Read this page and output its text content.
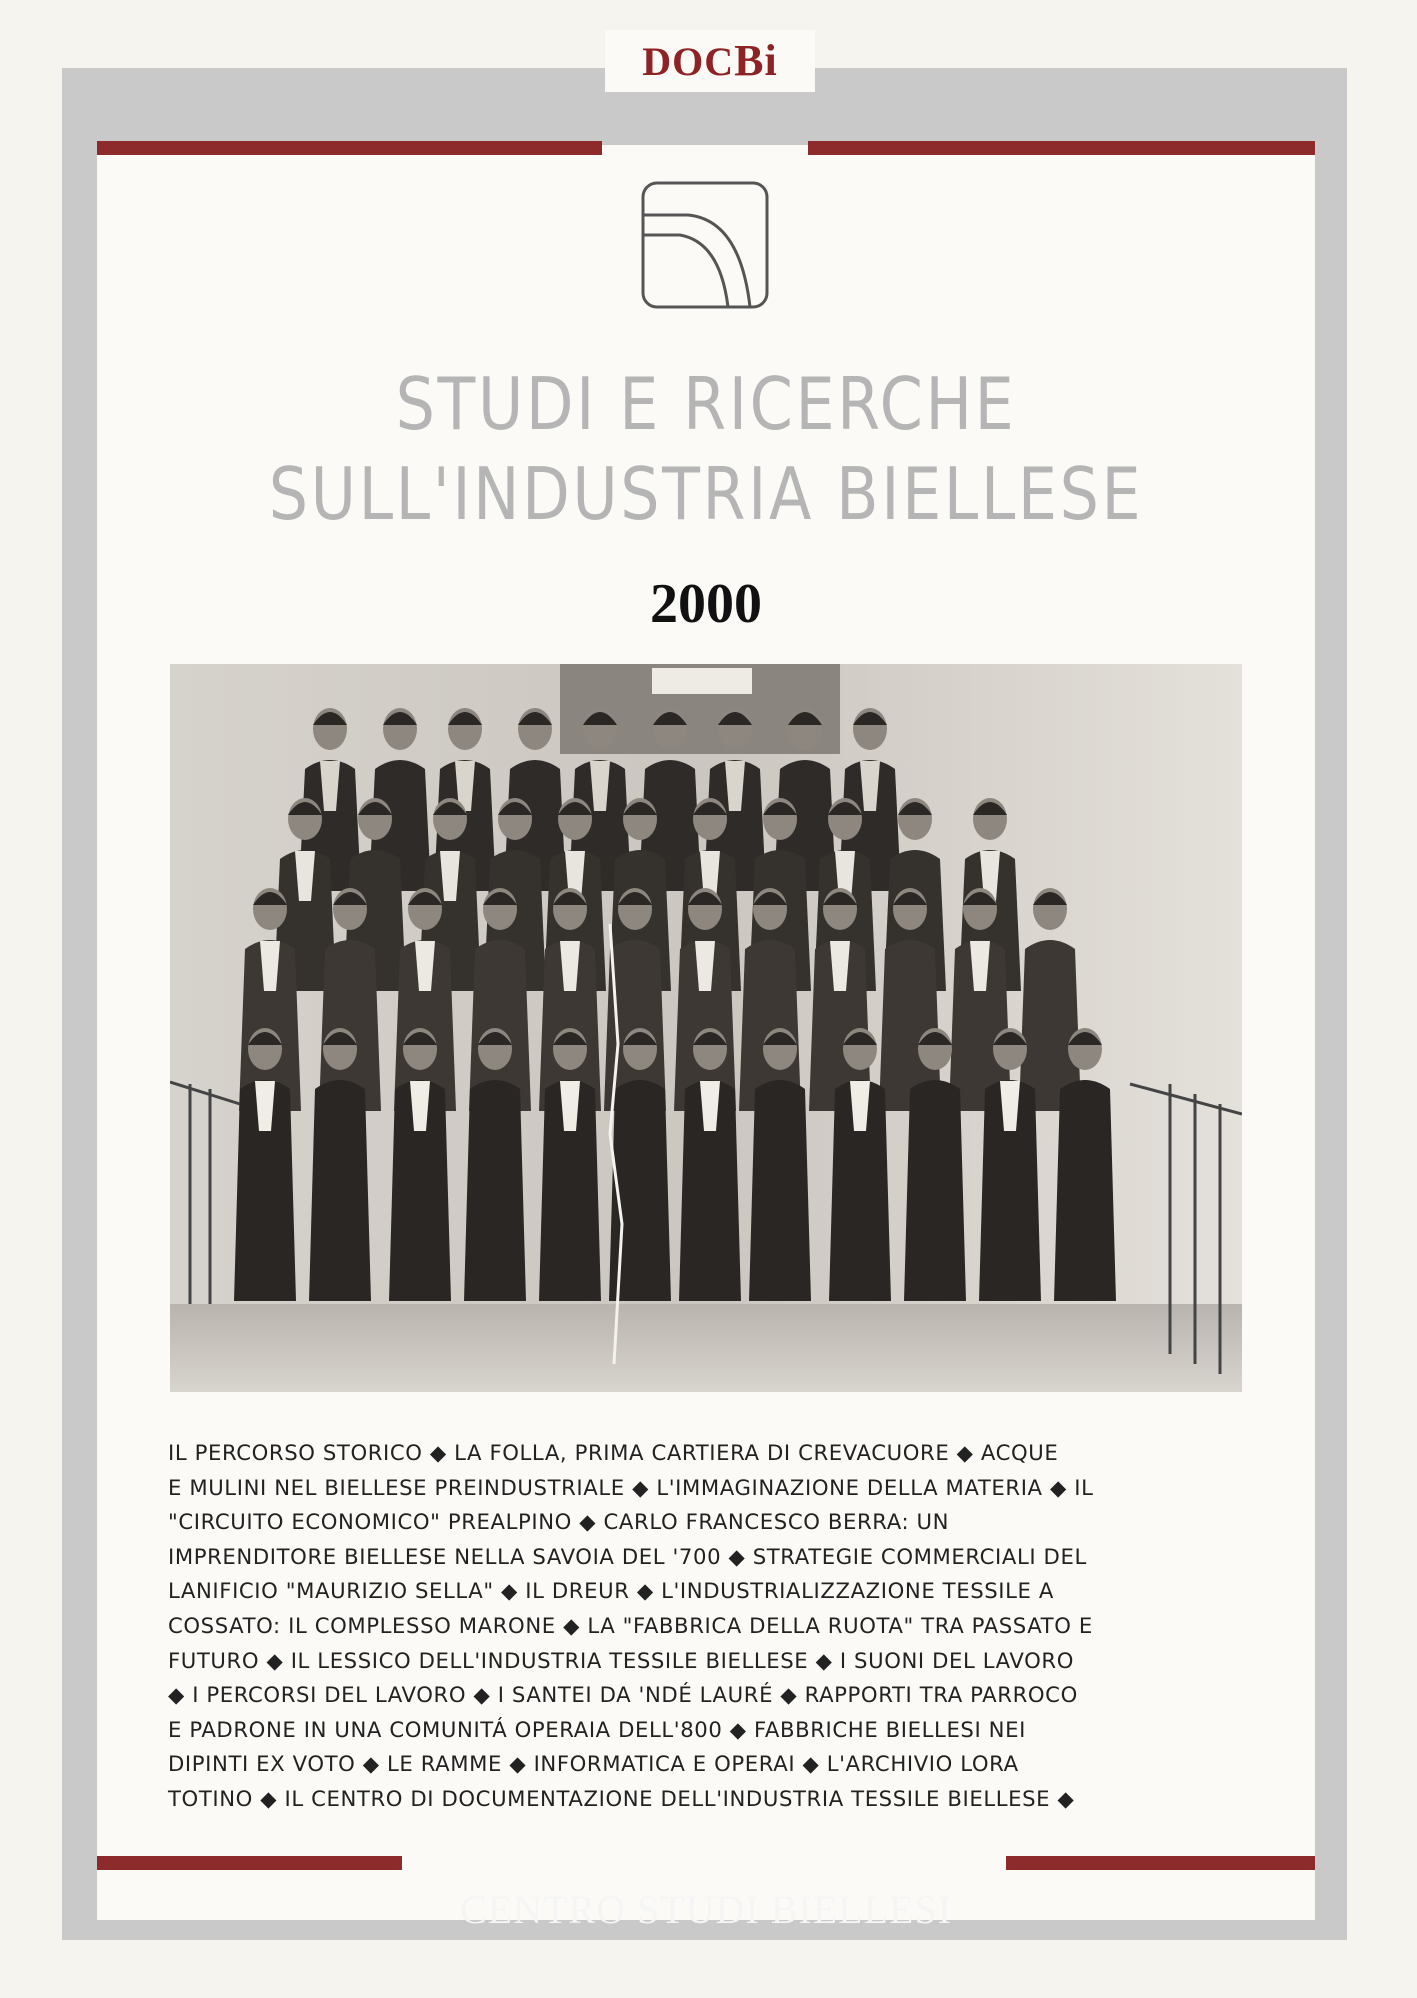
DOCBi
STUDI E RICERCHE
SULL'INDUSTRIA BIELLESE
2000
IL PERCORSO STORICO ◆ LA FOLLA, PRIMA CARTIERA DI CREVACUORE ◆ ACQUE
E MULINI NEL BIELLESE PREINDUSTRIALE ◆ L'IMMAGINAZIONE DELLA MATERIA ◆ IL
"CIRCUITO ECONOMICO" PREALPINO ◆ CARLO FRANCESCO BERRA: UN
IMPRENDITORE BIELLESE NELLA SAVOIA DEL '700 ◆ STRATEGIE COMMERCIALI DEL
LANIFICIO "MAURIZIO SELLA" ◆ IL DREUR ◆ L'INDUSTRIALIZZAZIONE TESSILE A
COSSATO: IL COMPLESSO MARONE ◆ LA "FABBRICA DELLA RUOTA" TRA PASSATO E
FUTURO ◆ IL LESSICO DELL'INDUSTRIA TESSILE BIELLESE ◆ I SUONI DEL LAVORO
◆ I PERCORSI DEL LAVORO ◆ I SANTEI DA 'NDÉ LAURÉ ◆ RAPPORTI TRA PARROCO
E PADRONE IN UNA COMUNITÁ OPERAIA DELL'800 ◆ FABBRICHE BIELLESI NEI
DIPINTI EX VOTO ◆ LE RAMME ◆ INFORMATICA E OPERAI ◆ L'ARCHIVIO LORA
TOTINO ◆ IL CENTRO DI DOCUMENTAZIONE DELL'INDUSTRIA TESSILE BIELLESE ◆
CENTRO STUDI BIELLESI
